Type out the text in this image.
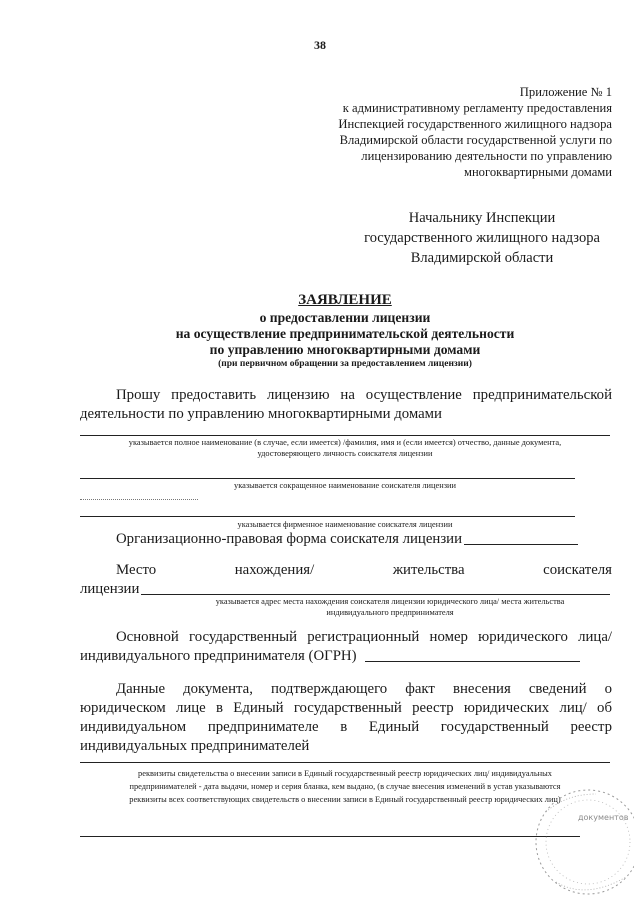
38
Приложение № 1
к административному регламенту предоставления
Инспекцией государственного жилищного надзора
Владимирской области государственной услуги по
лицензированию деятельности по управлению
многоквартирными домами
Начальнику Инспекции
государственного жилищного надзора
Владимирской области
ЗАЯВЛЕНИЕ
о предоставлении лицензии
на осуществление предпринимательской деятельности
по управлению многоквартирными домами
(при первичном обращении за предоставлением лицензии)
Прошу предоставить лицензию на осуществление предпринимательской
деятельности по управлению многоквартирными домами
указывается полное наименование (в случае, если имеется) /фамилия, имя и (если имеется) отчество, данные документа,
удостоверяющего личность соискателя лицензии
указывается сокращенное наименование соискателя лицензии
указывается фирменное наименование соискателя лицензии
Организационно-правовая форма соискателя лицензии
Место	нахождения/	жительства	соискателя
лицензии
указывается адрес места нахождения соискателя лицензии юридического лица/ места жительства
индивидуального предпринимателя
Основной государственный регистрационный номер юридического лица/
индивидуального предпринимателя (ОГРН)
Данные документа, подтверждающего факт внесения сведений о
юридическом лице в Единый государственный реестр юридических лиц/ об
индивидуальном предпринимателе в Единый государственный реестр
индивидуальных предпринимателей
реквизиты свидетельства о внесении записи в Единый государственный реестр юридических лиц/ индивидуальных
предпринимателей - дата выдачи, номер и серия бланка, кем выдано, (в случае внесения изменений в устав указываются
реквизиты всех соответствующих свидетельств о внесении записи в Единый государственный реестр юридических лиц)
документов
